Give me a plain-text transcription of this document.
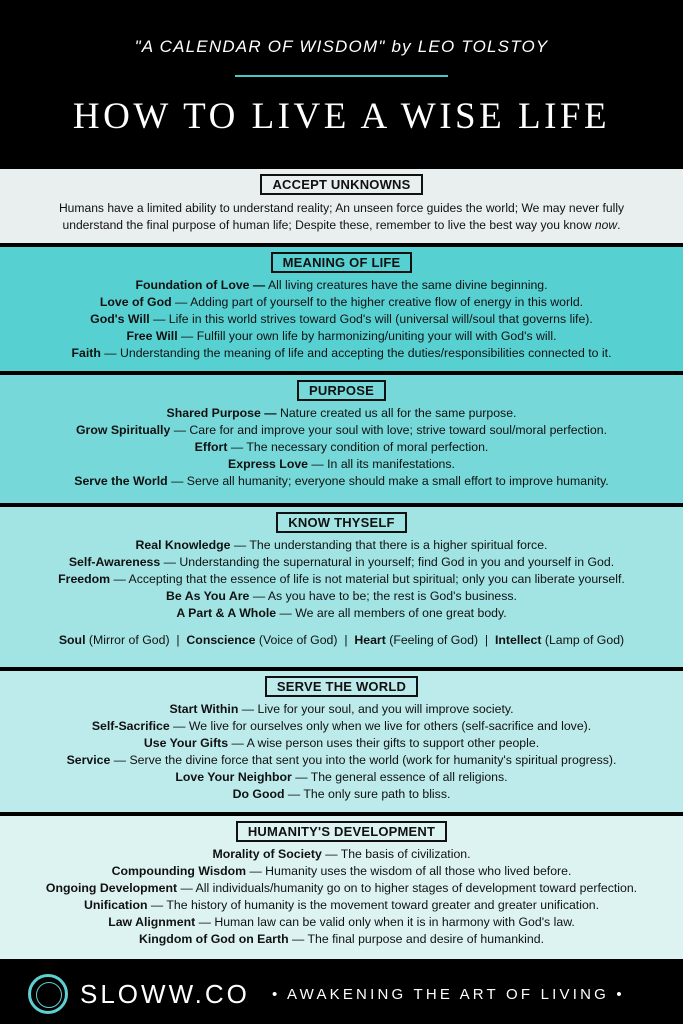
"A CALENDAR OF WISDOM" by LEO TOLSTOY
HOW TO LIVE A WISE LIFE
ACCEPT UNKNOWNS
Humans have a limited ability to understand reality; An unseen force guides the world; We may never fully
understand the final purpose of human life; Despite these, remember to live the best way you know now.
MEANING OF LIFE
Foundation of Love — All living creatures have the same divine beginning.
Love of God — Adding part of yourself to the higher creative flow of energy in this world.
God's Will — Life in this world strives toward God's will (universal will/soul that governs life).
Free Will — Fulfill your own life by harmonizing/uniting your will with God's will.
Faith — Understanding the meaning of life and accepting the duties/responsibilities connected to it.
PURPOSE
Shared Purpose — Nature created us all for the same purpose.
Grow Spiritually — Care for and improve your soul with love; strive toward soul/moral perfection.
Effort — The necessary condition of moral perfection.
Express Love — In all its manifestations.
Serve the World — Serve all humanity; everyone should make a small effort to improve humanity.
KNOW THYSELF
Real Knowledge — The understanding that there is a higher spiritual force.
Self-Awareness — Understanding the supernatural in yourself; find God in you and yourself in God.
Freedom — Accepting that the essence of life is not material but spiritual; only you can liberate yourself.
Be As You Are — As you have to be; the rest is God's business.
A Part & A Whole — We are all members of one great body.
Soul (Mirror of God)  |  Conscience (Voice of God)  |  Heart (Feeling of God)  |  Intellect (Lamp of God)
SERVE THE WORLD
Start Within — Live for your soul, and you will improve society.
Self-Sacrifice — We live for ourselves only when we live for others (self-sacrifice and love).
Use Your Gifts — A wise person uses their gifts to support other people.
Service — Serve the divine force that sent you into the world (work for humanity's spiritual progress).
Love Your Neighbor — The general essence of all religions.
Do Good — The only sure path to bliss.
HUMANITY'S DEVELOPMENT
Morality of Society — The basis of civilization.
Compounding Wisdom — Humanity uses the wisdom of all those who lived before.
Ongoing Development — All individuals/humanity go on to higher stages of development toward perfection.
Unification — The history of humanity is the movement toward greater and greater unification.
Law Alignment — Human law can be valid only when it is in harmony with God's law.
Kingdom of God on Earth — The final purpose and desire of humankind.
SLOWW.CO • AWAKENING THE ART OF LIVING •
